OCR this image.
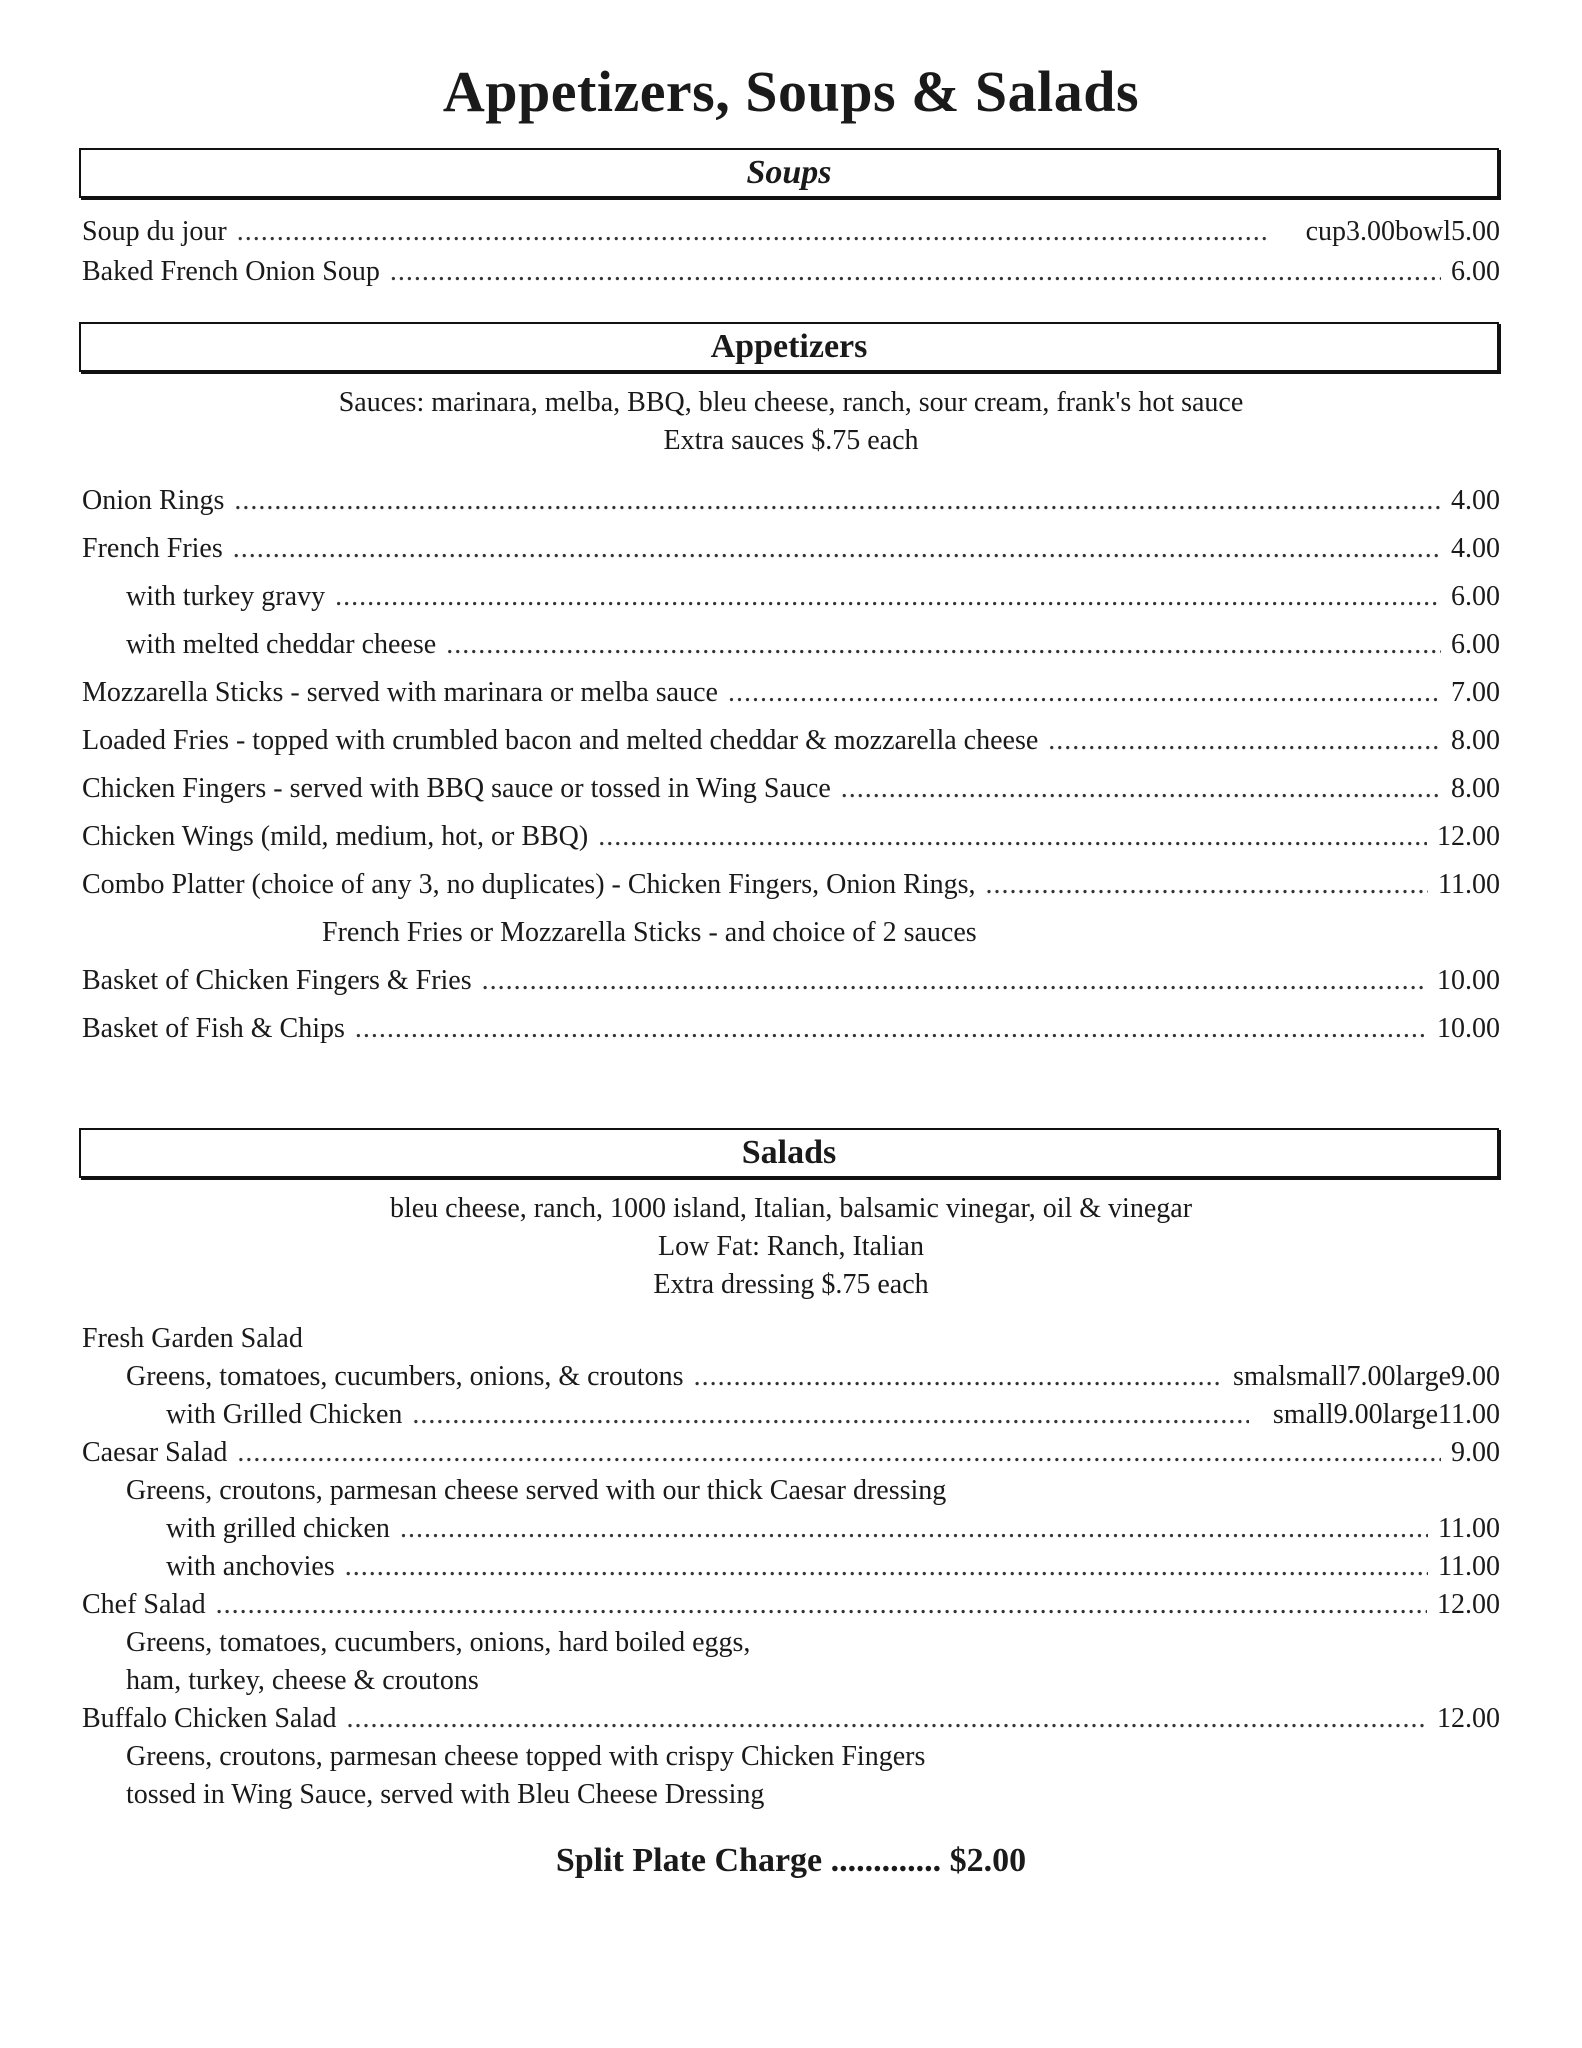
Appetizers, Soups & Salads
Soups
Soup du jour .....	cup 3.00 bowl 5.00
Baked French Onion Soup .....	6.00
Appetizers
Sauces: marinara, melba, BBQ, bleu cheese, ranch, sour cream, frank's hot sauce
Extra sauces $.75 each
Onion Rings .....	4.00
French Fries .....	4.00
with turkey gravy .....	6.00
with melted cheddar cheese .....	6.00
Mozzarella Sticks - served with marinara or melba sauce .....	7.00
Loaded Fries - topped with crumbled bacon and melted cheddar & mozzarella cheese .....	8.00
Chicken Fingers - served with BBQ sauce or tossed in Wing Sauce .....	8.00
Chicken Wings (mild, medium, hot, or BBQ) .....	12.00
Combo Platter (choice of any 3, no duplicates) - Chicken Fingers, Onion Rings, .....	11.00
French Fries or Mozzarella Sticks - and choice of 2 sauces
Basket of Chicken Fingers & Fries .....	10.00
Basket of Fish & Chips .....	10.00
Salads
bleu cheese, ranch, 1000 island, Italian, balsamic vinegar, oil & vinegar
Low Fat: Ranch, Italian
Extra dressing $.75 each
Fresh Garden Salad
Greens, tomatoes, cucumbers, onions, & croutons .....	smal small 7.00 large 9.00
with Grilled Chicken .....	small 9.00 large 11.00
Caesar Salad .....	9.00
Greens, croutons, parmesan cheese served with our thick Caesar dressing
with grilled chicken .....	11.00
with anchovies .....	11.00
Chef Salad .....	12.00
Greens, tomatoes, cucumbers, onions, hard boiled eggs,
ham, turkey, cheese & croutons
Buffalo Chicken Salad .....	12.00
Greens, croutons, parmesan cheese topped with crispy Chicken Fingers
tossed in Wing Sauce, served with Bleu Cheese Dressing
Split Plate Charge ............. $2.00
